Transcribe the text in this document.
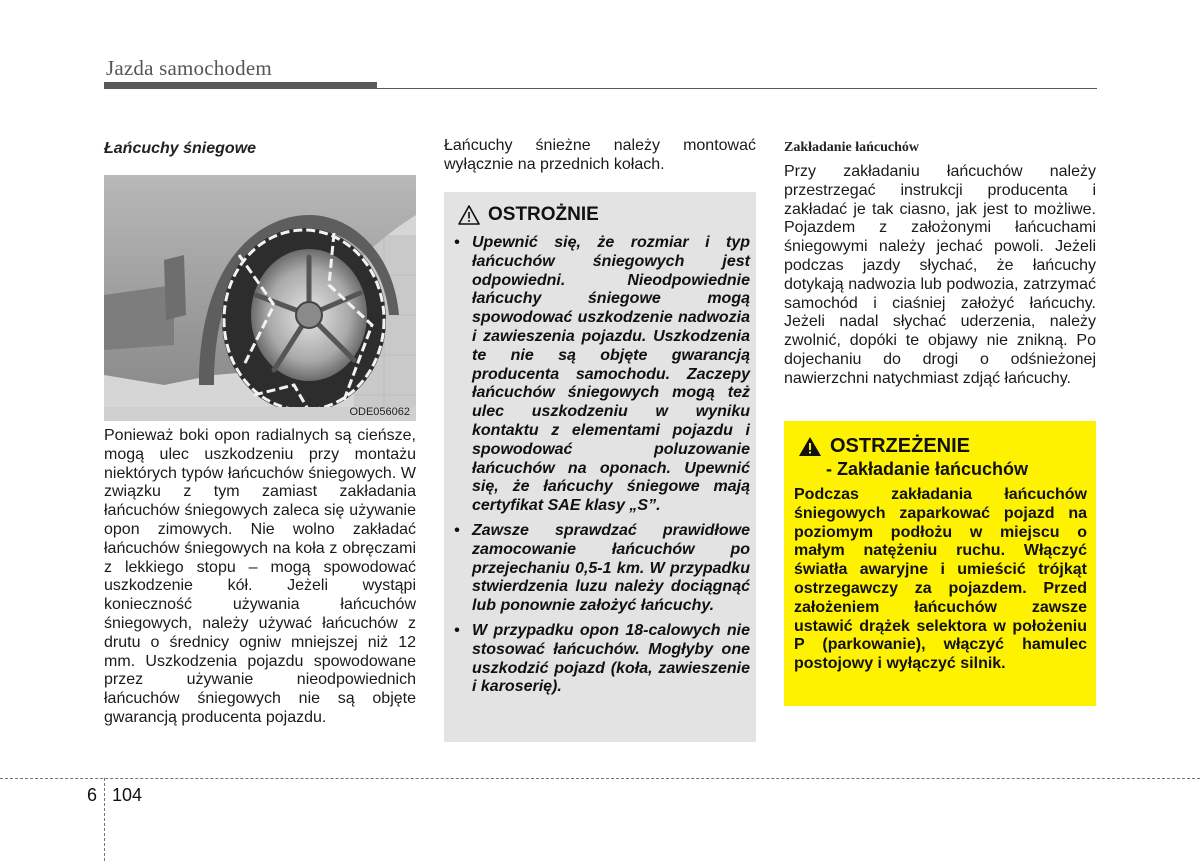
Jazda samochodem
Łańcuchy śniegowe
ODE056062
Ponieważ boki opon radialnych są cieńsze, mogą ulec uszkodzeniu przy montażu niektórych typów łańcuchów śniegowych. W związku z tym zamiast zakładania łańcuchów śniegowych zaleca się używanie opon zimowych. Nie wolno zakładać łańcuchów śniegowych na koła z obręczami z lekkiego stopu – mogą spowodować uszkodzenie kół. Jeżeli wystąpi konieczność używania łańcuchów śniegowych, należy używać łańcuchów z drutu o średnicy ogniw mniejszej niż 12 mm. Uszkodzenia pojazdu spowodowane przez używanie nieodpowiednich łańcuchów śniegowych nie są objęte gwarancją producenta pojazdu.
Łańcuchy śnieżne należy montować wyłącznie na przednich kołach.
OSTROŻNIE
• Upewnić się, że rozmiar i typ łańcuchów śniegowych jest odpowiedni. Nieodpowiednie łańcuchy śniegowe mogą spowodować uszkodzenie nadwozia i zawieszenia pojazdu. Uszkodzenia te nie są objęte gwarancją producenta samochodu. Zaczepy łańcuchów śniegowych mogą też ulec uszkodzeniu w wyniku kontaktu z elementami pojazdu i spowodować poluzowanie łańcuchów na oponach. Upewnić się, że łańcuchy śniegowe mają certyfikat SAE klasy „S”.
• Zawsze sprawdzać prawidłowe zamocowanie łańcuchów po przejechaniu 0,5-1 km. W przypadku stwierdzenia luzu należy dociągnąć lub ponownie założyć łańcuchy.
• W przypadku opon 18-calowych nie stosować łańcuchów. Mogłyby one uszkodzić pojazd (koła, zawieszenie i karoserię).
Zakładanie łańcuchów
Przy zakładaniu łańcuchów należy przestrzegać instrukcji producenta i zakładać je tak ciasno, jak jest to możliwe. Pojazdem z założonymi łańcuchami śniegowymi należy jechać powoli. Jeżeli podczas jazdy słychać, że łańcuchy dotykają nadwozia lub podwozia, zatrzymać samochód i ciaśniej założyć łańcuchy. Jeżeli nadal słychać uderzenia, należy zwolnić, dopóki te objawy nie znikną. Po dojechaniu do drogi o odśnieżonej nawierzchni natychmiast zdjąć łańcuchy.
OSTRZEŻENIE
- Zakładanie łańcuchów
Podczas zakładania łańcuchów śniegowych zaparkować pojazd na poziomym podłożu w miejscu o małym natężeniu ruchu. Włączyć światła awaryjne i umieścić trójkąt ostrzegawczy za pojazdem. Przed założeniem łańcuchów zawsze ustawić drążek selektora w położeniu P (parkowanie), włączyć hamulec postojowy i wyłączyć silnik.
6 104
